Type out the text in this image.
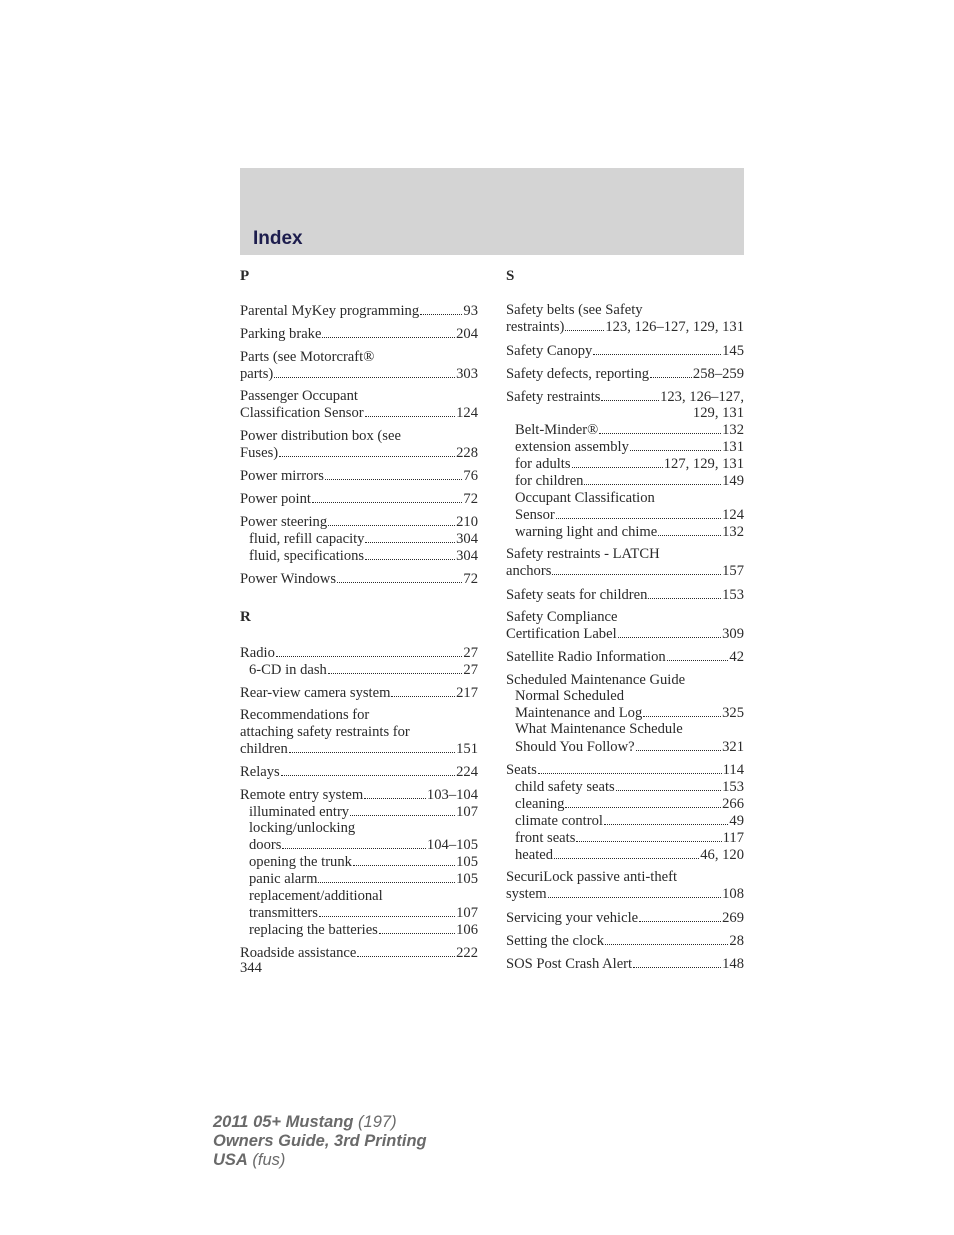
Index
P
Parental MyKey programming	93
Parking brake	204
Parts (see Motorcraft®
parts)	303
Passenger Occupant
Classification Sensor	124
Power distribution box (see
Fuses)	228
Power mirrors	76
Power point	72
Power steering	210
fluid, refill capacity	304
fluid, specifications	304
Power Windows	72
R
Radio	27
6-CD in dash	27
Rear-view camera system	217
Recommendations for
attaching safety restraints for
children	151
Relays	224
Remote entry system	103–104
illuminated entry	107
locking/unlocking
doors	104–105
opening the trunk	105
panic alarm	105
replacement/additional
transmitters	107
replacing the batteries	106
Roadside assistance	222
S
Safety belts (see Safety
restraints)	123, 126–127, 129, 131
Safety Canopy	145
Safety defects, reporting	258–259
Safety restraints	123, 126–127,
129, 131
Belt-Minder®	132
extension assembly	131
for adults	127, 129, 131
for children	149
Occupant Classification
Sensor	124
warning light and chime	132
Safety restraints - LATCH
anchors	157
Safety seats for children	153
Safety Compliance
Certification Label	309
Satellite Radio Information	42
Scheduled Maintenance Guide
Normal Scheduled
Maintenance and Log	325
What Maintenance Schedule
Should You Follow?	321
Seats	114
child safety seats	153
cleaning	266
climate control	49
front seats	117
heated	46, 120
SecuriLock passive anti-theft
system	108
Servicing your vehicle	269
Setting the clock	28
SOS Post Crash Alert	148
344
2011 05+ Mustang (197)
Owners Guide, 3rd Printing
USA (fus)
